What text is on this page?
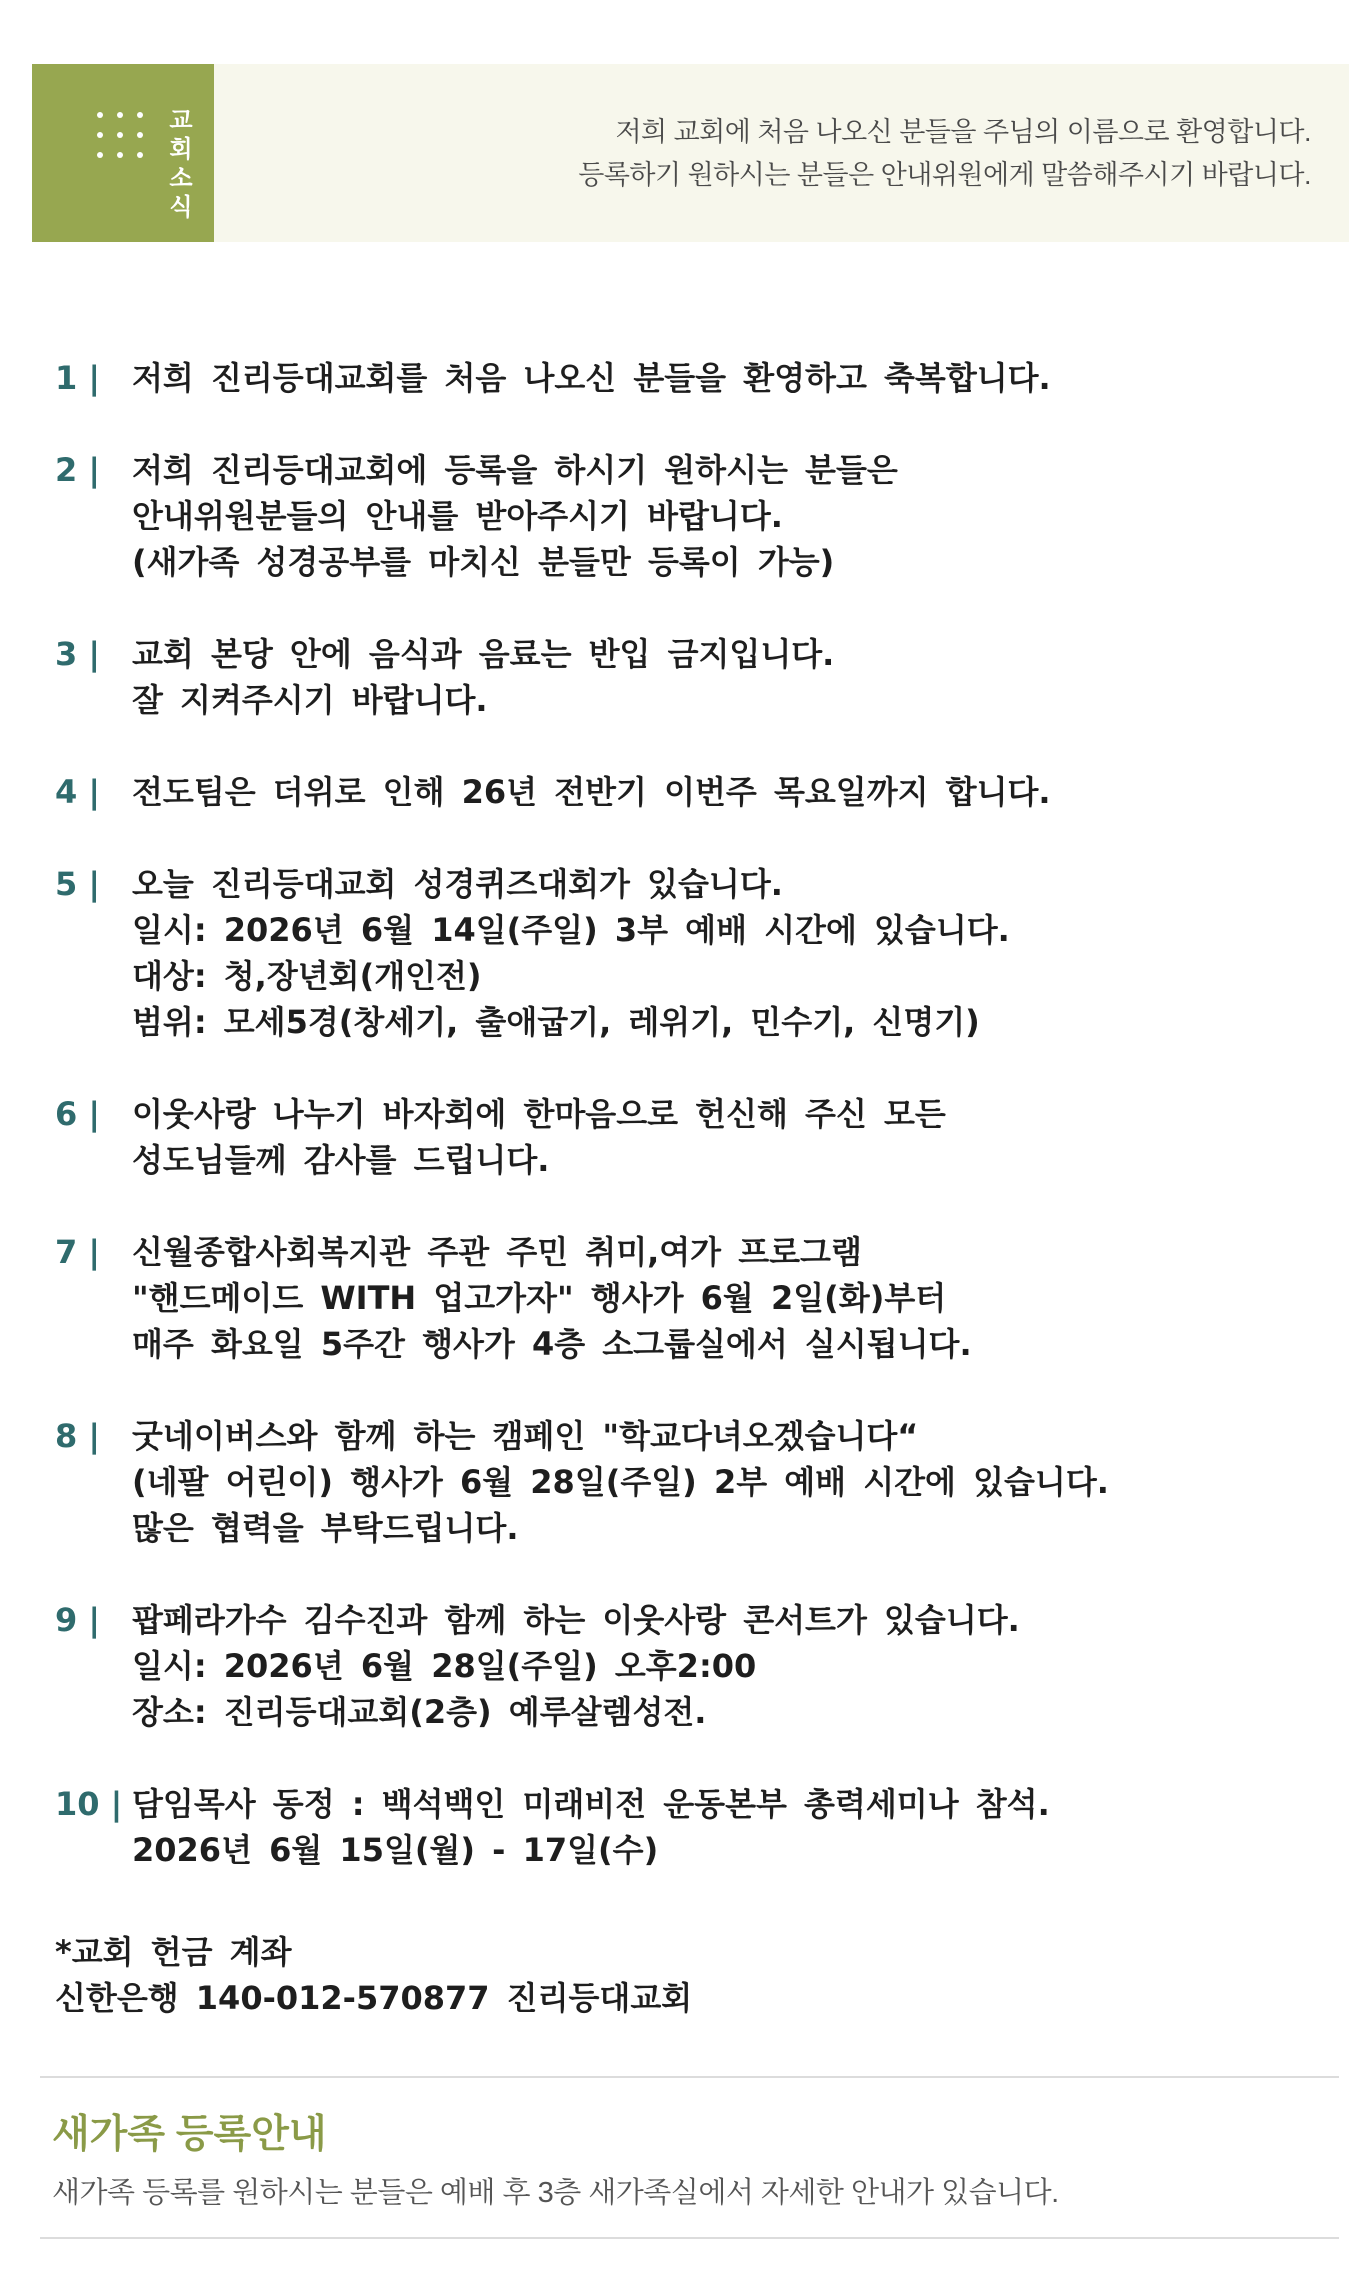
교회소식
저희 교회에 처음 나오신 분들을 주님의 이름으로 환영합니다.
등록하기 원하시는 분들은 안내위원에게 말씀해주시기 바랍니다.
1 | 저희 진리등대교회를 처음 나오신 분들을 환영하고 축복합니다.
2 | 저희 진리등대교회에 등록을 하시기 원하시는 분들은
안내위원분들의 안내를 받아주시기 바랍니다.
(새가족 성경공부를 마치신 분들만 등록이 가능)
3 | 교회 본당 안에 음식과 음료는 반입 금지입니다.
잘 지켜주시기 바랍니다.
4 | 전도팀은 더위로 인해 26년 전반기 이번주 목요일까지 합니다.
5 | 오늘 진리등대교회 성경퀴즈대회가 있습니다.
일시: 2026년 6월 14일(주일) 3부 예배 시간에 있습니다.
대상: 청,장년회(개인전)
범위: 모세5경(창세기, 출애굽기, 레위기, 민수기, 신명기)
6 | 이웃사랑 나누기 바자회에 한마음으로 헌신해 주신 모든
성도님들께 감사를 드립니다.
7 | 신월종합사회복지관 주관 주민 취미,여가 프로그램
"핸드메이드 WITH 업고가자" 행사가 6월 2일(화)부터
매주 화요일 5주간 행사가 4층 소그룹실에서 실시됩니다.
8 | 굿네이버스와 함께 하는 캠페인 "학교다녀오겠습니다“
(네팔 어린이) 행사가 6월 28일(주일) 2부 예배 시간에 있습니다.
많은 협력을 부탁드립니다.
9 | 팝페라가수 김수진과 함께 하는 이웃사랑 콘서트가 있습니다.
일시: 2026년 6월 28일(주일) 오후2:00
장소: 진리등대교회(2층) 예루살렘성전.
10 | 담임목사 동정 : 백석백인 미래비전 운동본부 총력세미나 참석.
2026년 6월 15일(월) - 17일(수)
*교회 헌금 계좌
신한은행 140-012-570877 진리등대교회
새가족 등록안내
새가족 등록를 원하시는 분들은 예배 후 3층 새가족실에서 자세한 안내가 있습니다.
